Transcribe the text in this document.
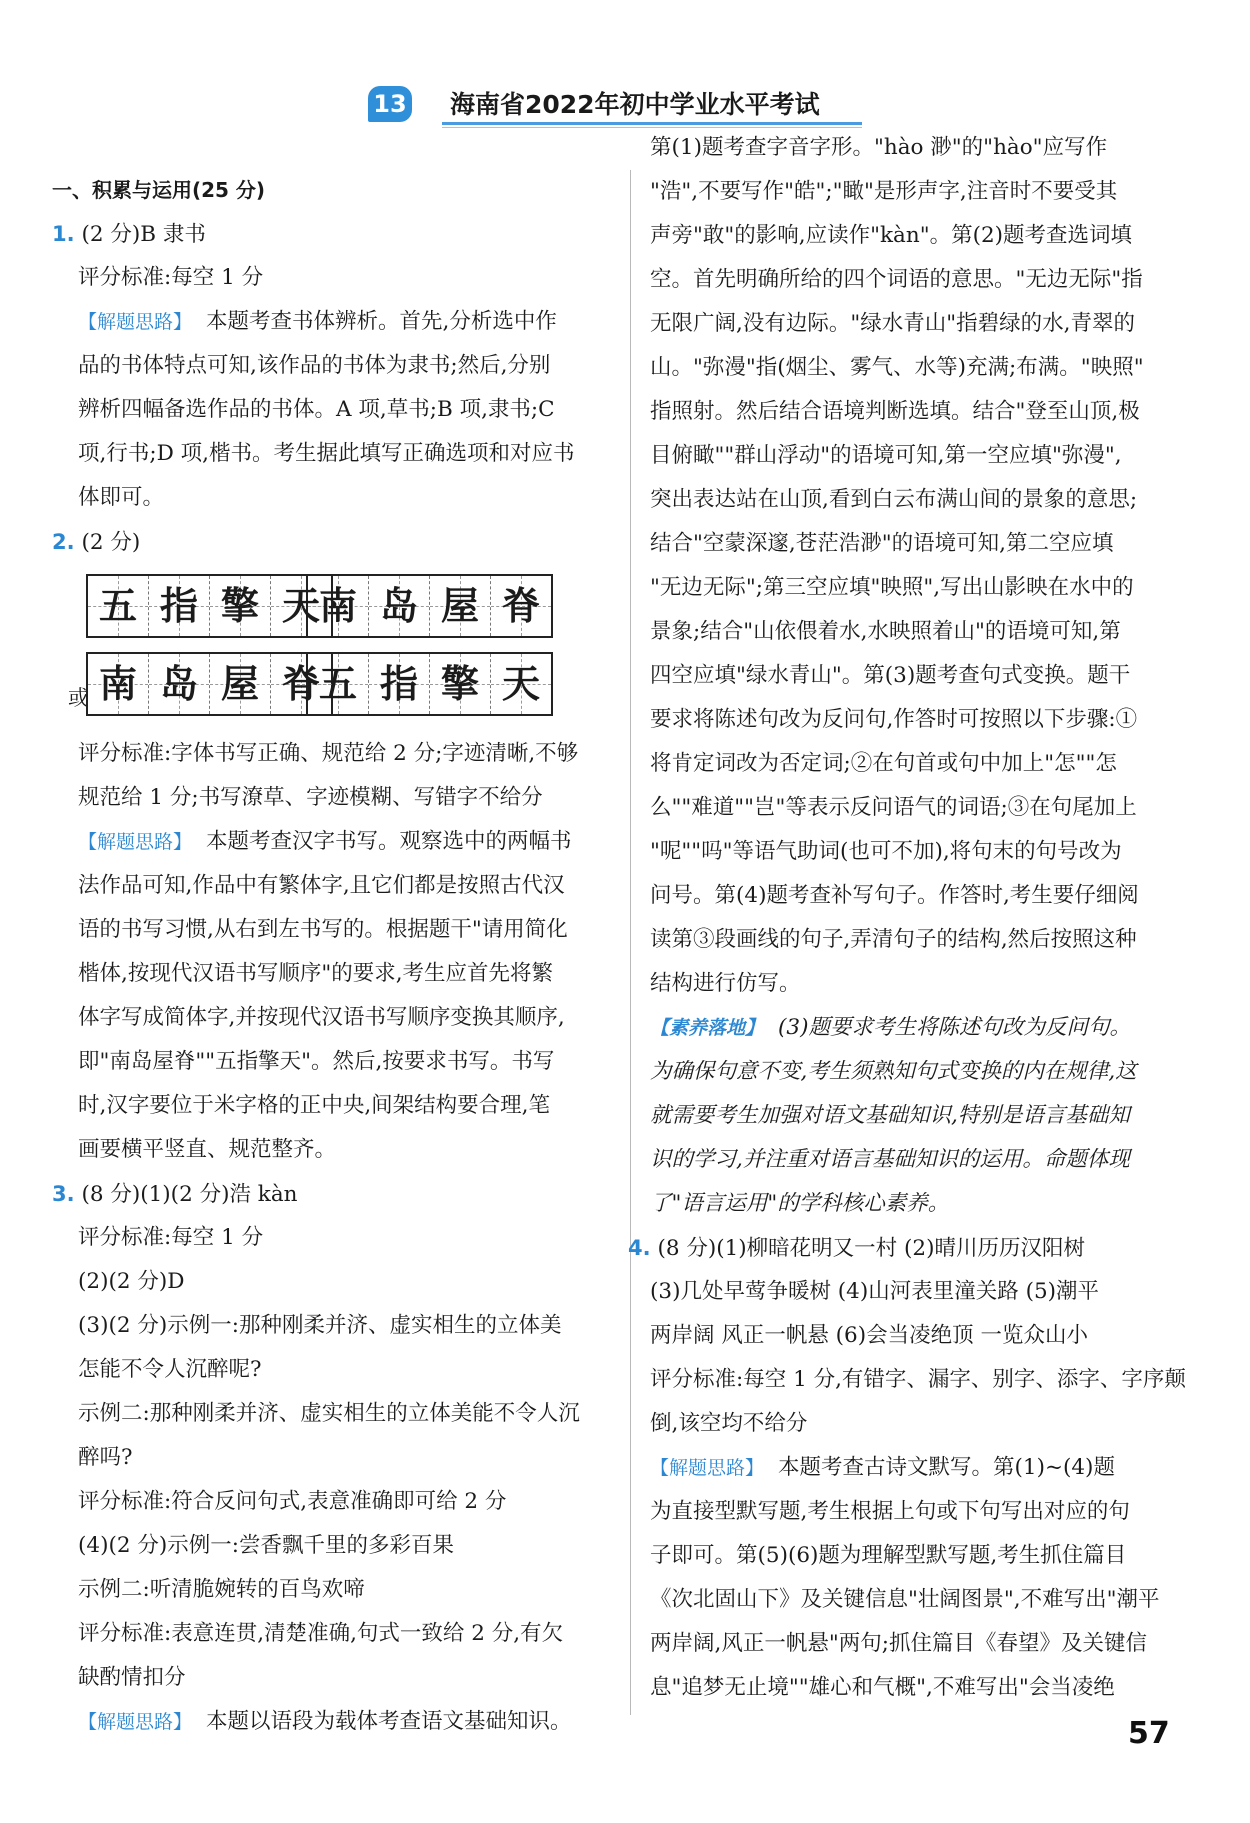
13 海南省2022年初中学业水平考试
一、积累与运用(25 分)
1. (2 分)B 隶书
评分标准:每空 1 分
【解题思路】 本题考查书体辨析。首先,分析选中作
品的书体特点可知,该作品的书体为隶书;然后,分别
辨析四幅备选作品的书体。A 项,草书;B 项,隶书;C
项,行书;D 项,楷书。考生据此填写正确选项和对应书
体即可。
2. (2 分)
五 指 擎 天
南 岛 屋 脊
或 南 岛 屋 脊
五 指 擎 天
评分标准:字体书写正确、规范给 2 分;字迹清晰,不够
规范给 1 分;书写潦草、字迹模糊、写错字不给分
【解题思路】 本题考查汉字书写。观察选中的两幅书
法作品可知,作品中有繁体字,且它们都是按照古代汉
语的书写习惯,从右到左书写的。根据题干"请用简化
楷体,按现代汉语书写顺序"的要求,考生应首先将繁
体字写成简体字,并按现代汉语书写顺序变换其顺序,
即"南岛屋脊""五指擎天"。然后,按要求书写。书写
时,汉字要位于米字格的正中央,间架结构要合理,笔
画要横平竖直、规范整齐。
3. (8 分)(1)(2 分)浩 kàn
评分标准:每空 1 分
(2)(2 分)D
(3)(2 分)示例一:那种刚柔并济、虚实相生的立体美
怎能不令人沉醉呢?
示例二:那种刚柔并济、虚实相生的立体美能不令人沉
醉吗?
评分标准:符合反问句式,表意准确即可给 2 分
(4)(2 分)示例一:尝香飘千里的多彩百果
示例二:听清脆婉转的百鸟欢啼
评分标准:表意连贯,清楚准确,句式一致给 2 分,有欠
缺酌情扣分
【解题思路】 本题以语段为载体考查语文基础知识。
第(1)题考查字音字形。"hào 渺"的"hào"应写作
"浩",不要写作"皓";"瞰"是形声字,注音时不要受其
声旁"敢"的影响,应读作"kàn"。第(2)题考查选词填
空。首先明确所给的四个词语的意思。"无边无际"指
无限广阔,没有边际。"绿水青山"指碧绿的水,青翠的
山。"弥漫"指(烟尘、雾气、水等)充满;布满。"映照"
指照射。然后结合语境判断选填。结合"登至山顶,极
目俯瞰""群山浮动"的语境可知,第一空应填"弥漫",
突出表达站在山顶,看到白云布满山间的景象的意思;
结合"空蒙深邃,苍茫浩渺"的语境可知,第二空应填
"无边无际";第三空应填"映照",写出山影映在水中的
景象;结合"山依偎着水,水映照着山"的语境可知,第
四空应填"绿水青山"。第(3)题考查句式变换。题干
要求将陈述句改为反问句,作答时可按照以下步骤:①
将肯定词改为否定词;②在句首或句中加上"怎""怎
么""难道""岂"等表示反问语气的词语;③在句尾加上
"呢""吗"等语气助词(也可不加),将句末的句号改为
问号。第(4)题考查补写句子。作答时,考生要仔细阅
读第③段画线的句子,弄清句子的结构,然后按照这种
结构进行仿写。
【素养落地】 (3)题要求考生将陈述句改为反问句。
为确保句意不变,考生须熟知句式变换的内在规律,这
就需要考生加强对语文基础知识,特别是语言基础知
识的学习,并注重对语言基础知识的运用。命题体现
了"语言运用"的学科核心素养。
4. (8 分)(1)柳暗花明又一村 (2)晴川历历汉阳树
(3)几处早莺争暖树 (4)山河表里潼关路 (5)潮平
两岸阔 风正一帆悬 (6)会当凌绝顶 一览众山小
评分标准:每空 1 分,有错字、漏字、别字、添字、字序颠
倒,该空均不给分
【解题思路】 本题考查古诗文默写。第(1)~(4)题
为直接型默写题,考生根据上句或下句写出对应的句
子即可。第(5)(6)题为理解型默写题,考生抓住篇目
《次北固山下》及关键信息"壮阔图景",不难写出"潮平
两岸阔,风正一帆悬"两句;抓住篇目《春望》及关键信
息"追梦无止境""雄心和气概",不难写出"会当凌绝
57
